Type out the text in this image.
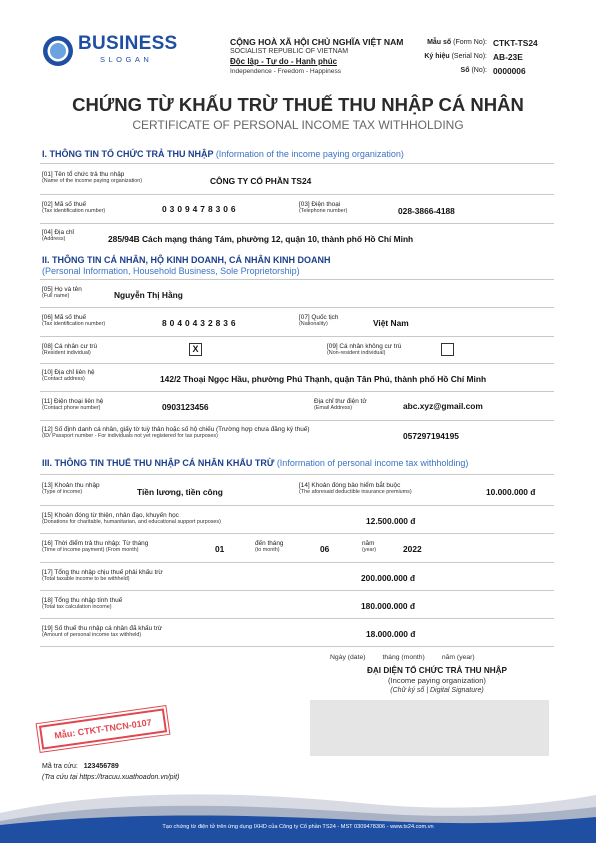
BUSINESS
SLOGAN
CỘNG HOÀ XÃ HỘI CHỦ NGHĨA VIỆT NAM
SOCIALIST REPUBLIC OF VIETNAM
Độc lập - Tự do - Hạnh phúc
Independence - Freedom - Happiness
Mẫu số (Form No): CTKT-TS24
Ký hiệu (Serial No): AB-23E
Số (No): 0000006
CHỨNG TỪ KHẤU TRỪ THUẾ THU NHẬP CÁ NHÂN
CERTIFICATE OF PERSONAL INCOME TAX WITHHOLDING
I. THÔNG TIN TỔ CHỨC TRẢ THU NHẬP (Information of the income paying organization)
[01] Tên tổ chức trả thu nhập
(Name of the income paying organization)	CÔNG TY CỔ PHẦN TS24
[02] Mã số thuế
(Tax identification number)	0309478306	[03] Điện thoại
(Telephone number)	028-3866-4188
[04] Địa chỉ
(Address)	285/94B Cách mạng tháng Tám, phường 12, quận 10, thành phố Hồ Chí Minh
II. THÔNG TIN CÁ NHÂN, HỘ KINH DOANH, CÁ NHÂN KINH DOANH
(Personal Information, Household Business, Sole Proprietorship)
[05] Họ và tên
(Full name)	Nguyễn Thị Hằng
[06] Mã số thuế
(Tax identification number)	8040432836
[07] Quốc tịch
(Nationality)	Việt Nam
[08] Cá nhân cư trú
(Resident individual)	X	[09] Cá nhân không cư trú
(Non-resident individual)
[10] Địa chỉ liên hệ
(Contact address)	142/2 Thoại Ngọc Hầu, phường Phú Thạnh, quận Tân Phú, thành phố Hồ Chí Minh
[11] Điện thoại liên hệ
(Contact phone number)	0903123456
Địa chỉ thư điện tử
(Email Address)	abc.xyz@gmail.com
[12] Số định danh cá nhân, giấy tờ tuỳ thân hoặc số hộ chiếu (Trường hợp chưa đăng ký thuế)
(ID/ Passport number - For individuals not yet registered for tax purposes)	057297194195
III. THÔNG TIN THUẾ THU NHẬP CÁ NHÂN KHẤU TRỪ (Information of personal income tax withholding)
[13] Khoản thu nhập
(Type of income)	Tiền lương, tiền công
[14] Khoản đóng bảo hiểm bắt buộc
(The aforesaid deductible insurance premiums)	10.000.000 đ
[15] Khoản đóng từ thiện, nhân đạo, khuyến học
(Donations for charitable, humanitarian, and educational support purposes)	12.500.000 đ
[16] Thời điểm trả thu nhập: Từ tháng
(Time of income payment) (From month)	01
đến tháng
(to month)	06
năm
(year)	2022
[17] Tổng thu nhập chịu thuế phải khấu trừ
(Total taxable income to be withheld)	200.000.000 đ
[18] Tổng thu nhập tính thuế
(Total tax calculation income)	180.000.000 đ
[19] Số thuế thu nhập cá nhân đã khấu trừ
(Amount of personal income tax withheld)	18.000.000 đ
Ngày (date)         tháng (month)         năm (year)
ĐẠI DIỆN TỔ CHỨC TRẢ THU NHẬP
(Income paying organization)
(Chữ ký số | Digital Signature)
Mẫu: CTKT-TNCN-0107
Mã tra cứu: 123456789
(Tra cứu tại https://tracuu.xuathoadon.vn/pit)
Tạo chứng từ điện tử trên ứng dụng IXHD của Công ty Cổ phần TS24 - MST 0309478306 - www.ts24.com.vn
